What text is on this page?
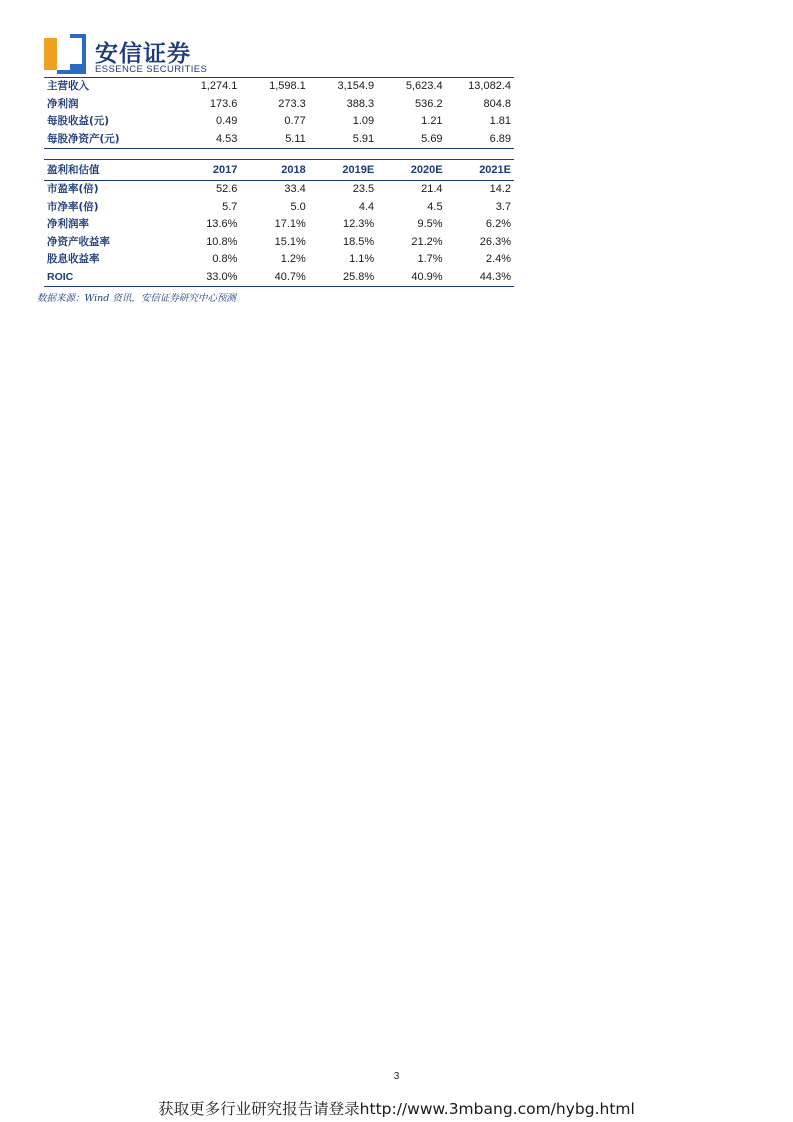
安信证券
ESSENCE SECURITIES
主营收入	1,274.1	1,598.1	3,154.9	5,623.4	13,082.4
净利润	173.6	273.3	388.3	536.2	804.8
每股收益(元)	0.49	0.77	1.09	1.21	1.81
每股净资产(元)	4.53	5.11	5.91	5.69	6.89
盈利和估值	2017	2018	2019E	2020E	2021E
市盈率(倍)	52.6	33.4	23.5	21.4	14.2
市净率(倍)	5.7	5.0	4.4	4.5	3.7
净利润率	13.6%	17.1%	12.3%	9.5%	6.2%
净资产收益率	10.8%	15.1%	18.5%	21.2%	26.3%
股息收益率	0.8%	1.2%	1.1%	1.7%	2.4%
ROIC	33.0%	40.7%	25.8%	40.9%	44.3%
数据来源：Wind 资讯，安信证券研究中心预测
3
获取更多行业研究报告请登录http://www.3mbang.com/hybg.html
